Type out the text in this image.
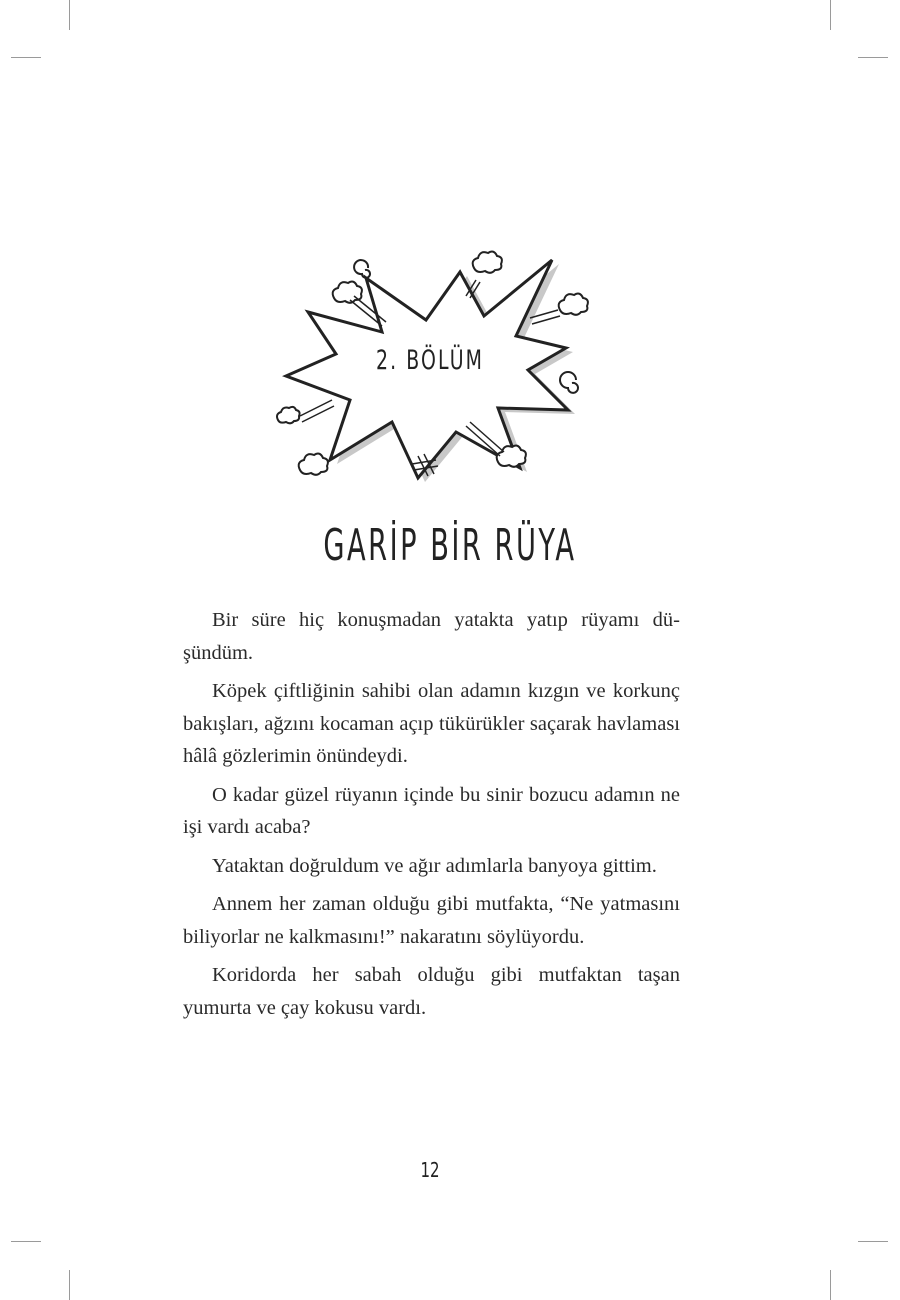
2. BÖLÜM
GARİP BİR RÜYA

Bir süre hiç konuşmadan yatakta yatıp rüyamı düşündüm.

Köpek çiftliğinin sahibi olan adamın kızgın ve korkunç bakışları, ağzını kocaman açıp tükürükler saçarak havlaması hâlâ gözlerimin önündeydi.

O kadar güzel rüyanın içinde bu sinir bozucu adamın ne işi vardı acaba?

Yataktan doğruldum ve ağır adımlarla banyoya gittim.

Annem her zaman olduğu gibi mutfakta, “Ne yatmasını biliyorlar ne kalkmasını!” nakaratını söylüyordu.

Koridorda her sabah olduğu gibi mutfaktan taşan yumurta ve çay kokusu vardı.

12
